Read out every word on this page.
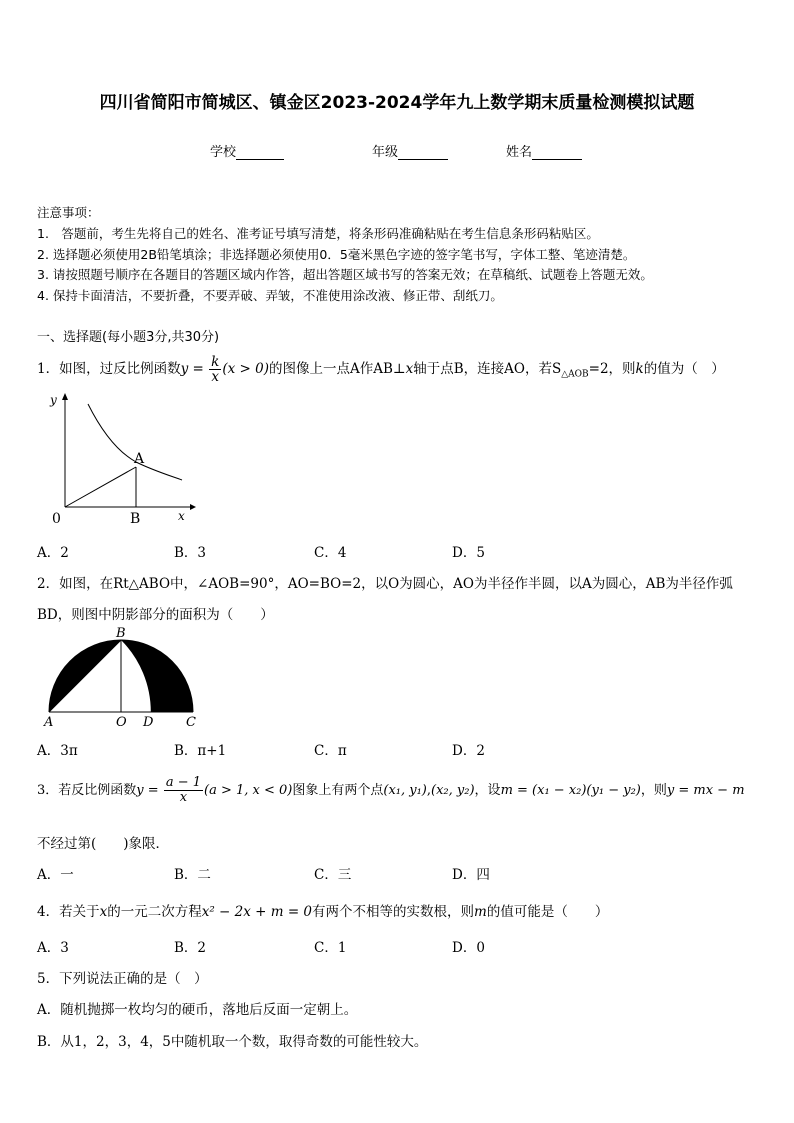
四川省简阳市简城区、镇金区2023-2024学年九上数学期末质量检测模拟试题
学校	年级	姓名
注意事项：
1.　答题前，考生先将自己的姓名、准考证号填写清楚，将条形码准确粘贴在考生信息条形码粘贴区。
2. 选择题必须使用2B铅笔填涂；非选择题必须使用0．5毫米黑色字迹的签字笔书写，字体工整、笔迹清楚。
3. 请按照题号顺序在各题目的答题区域内作答，超出答题区域书写的答案无效；在草稿纸、试题卷上答题无效。
4. 保持卡面清洁，不要折叠，不要弄破、弄皱，不准使用涂改液、修正带、刮纸刀。
一、选择题(每小题3分,共30分)
1．如图，过反比例函数$y = \frac{k}{x} (x > 0)$的图像上一点A作AB⊥x轴于点B，连接AO，若$S_{\triangle AOB}=2$，则k的值为（　）
y
x
0
A
B
A．2	B．3	C．4	D．5
2．如图，在Rt△ABO中，∠AOB=90°，AO=BO=2，以O为圆心，AO为半径作半圆，以A为圆心，AB为半径作弧
BD，则图中阴影部分的面积为（　　）
A
B
O D	C
A．3π	B．π+1	C．π	D．2
3．若反比例函数$y = \frac{a - 1}{x} (a > 1$, x < 0)图象上有两个点(x₁, y₁),(x₂, y₂)，设m = (x₁ − x₂)(y₁ − y₂)，则y = mx − m
不经过第(　　)象限．
A．一	B．二	C．三	D．四
4．若关于x的一元二次方程x² − 2x + m = 0有两个不相等的实数根，则m的值可能是（　　）
A．3	B．2	C．1	D．0
5．下列说法正确的是（　）
A．随机抛掷一枚均匀的硬币，落地后反面一定朝上。
B．从1，2，3，4，5中随机取一个数，取得奇数的可能性较大。
